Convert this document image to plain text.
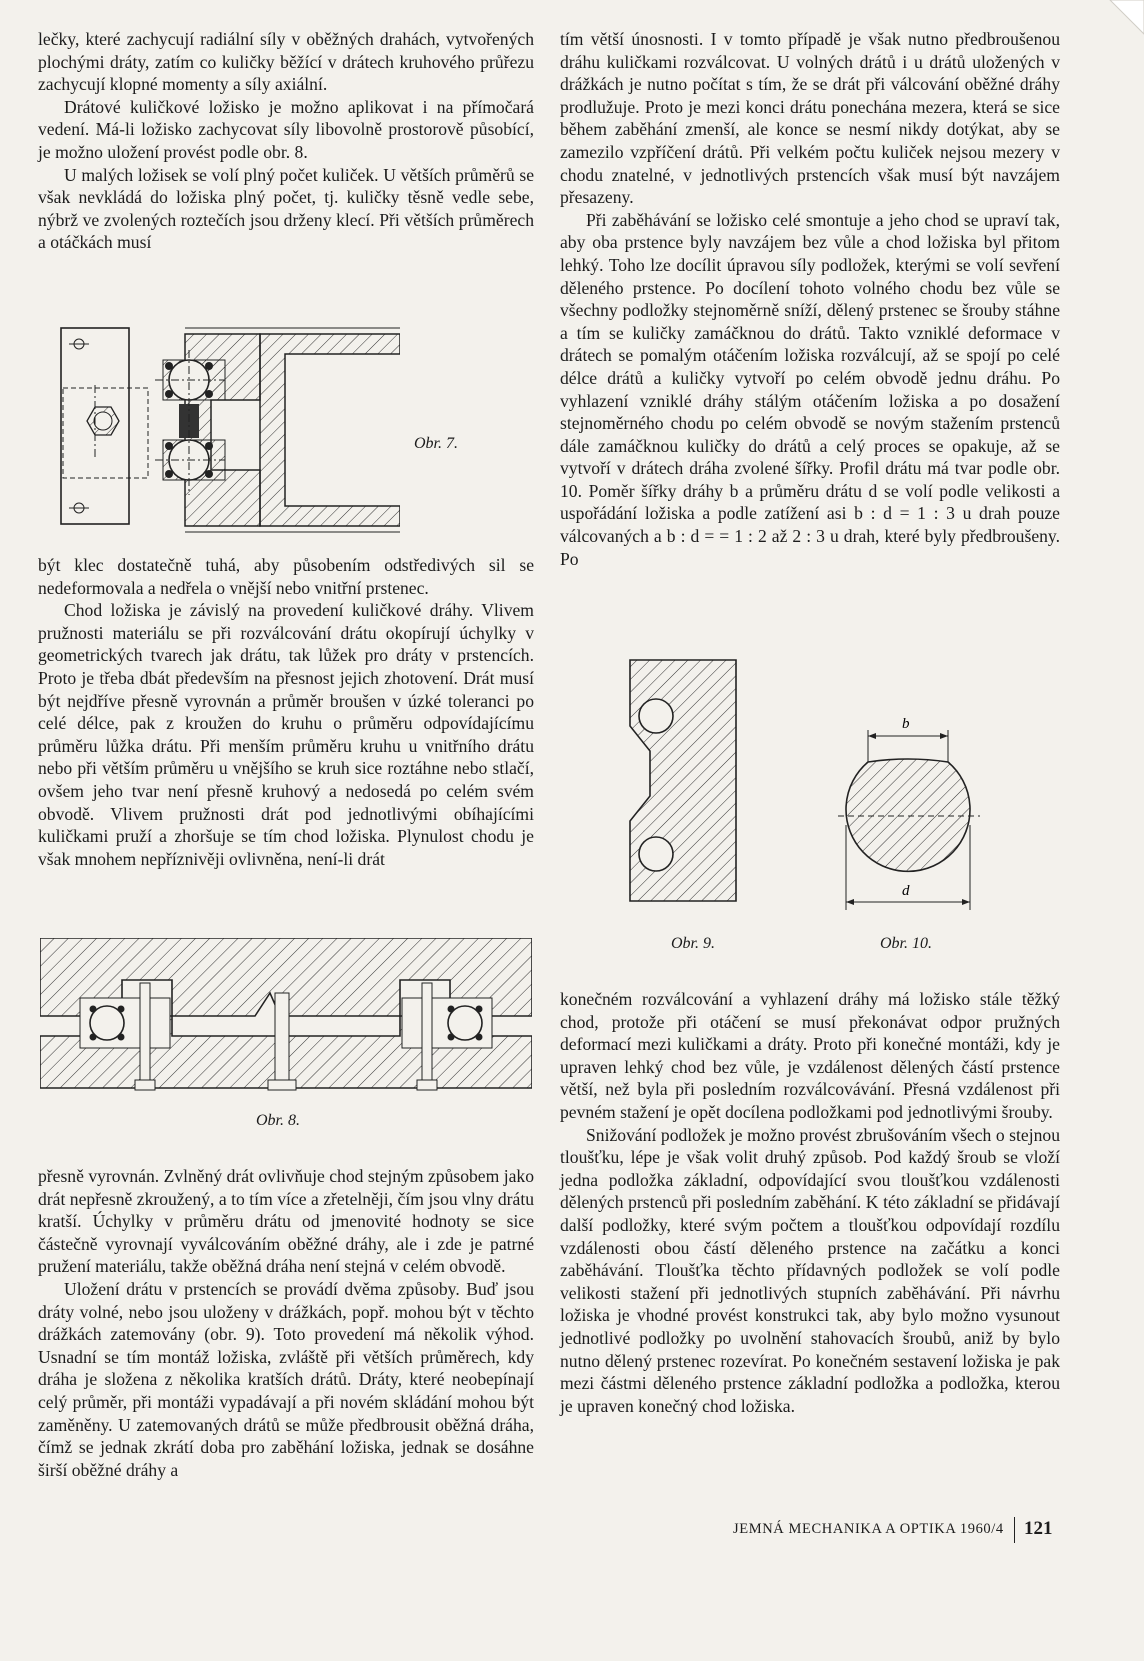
lečky, které zachycují radiální síly v oběžných drahách, vytvořených plochými dráty, zatím co kuličky běžící v drátech kruhového průřezu zachycují klopné momenty a síly axiální.

Drátové kuličkové ložisko je možno aplikovat i na přímočará vedení. Má-li ložisko zachycovat síly libovolně prostorově působící, je možno uložení provést podle obr. 8.

U malých ložisek se volí plný počet kuliček. U větších průměrů se však nevkládá do ložiska plný počet, tj. kuličky těsně vedle sebe, nýbrž ve zvolených roztečích jsou drženy klecí. Při větších průměrech a otáčkách musí

Obr. 7.

být klec dostatečně tuhá, aby působením odstředivých sil se nedeformovala a nedřela o vnější nebo vnitřní prstenec.

Chod ložiska je závislý na provedení kuličkové dráhy. Vlivem pružnosti materiálu se při rozválcování drátu okopírují úchylky v geometrických tvarech jak drátu, tak lůžek pro dráty v prstencích. Proto je třeba dbát především na přesnost jejich zhotovení. Drát musí být nejdříve přesně vyrovnán a průměr broušen v úzké toleranci po celé délce, pak z kroužen do kruhu o průměru odpovídajícímu průměru lůžka drátu. Při menším průměru kruhu u vnitřního drátu nebo při větším průměru u vnějšího se kruh sice roztáhne nebo stlačí, ovšem jeho tvar není přesně kruhový a nedosedá po celém svém obvodě. Vlivem pružnosti drát pod jednotlivými obíhajícími kuličkami pruží a zhoršuje se tím chod ložiska. Plynulost chodu je však mnohem nepříznivěji ovlivněna, není-li drát

Obr. 8.

přesně vyrovnán. Zvlněný drát ovlivňuje chod stejným způsobem jako drát nepřesně zkroužený, a to tím více a zřetelněji, čím jsou vlny drátu kratší. Úchylky v průměru drátu od jmenovité hodnoty se sice částečně vyrovnají vyválcováním oběžné dráhy, ale i zde je patrné pružení materiálu, takže oběžná dráha není stejná v celém obvodě.

Uložení drátu v prstencích se provádí dvěma způsoby. Buď jsou dráty volné, nebo jsou uloženy v drážkách, popř. mohou být v těchto drážkách zatemovány (obr. 9). Toto provedení má několik výhod. Usnadní se tím montáž ložiska, zvláště při větších průměrech, kdy dráha je složena z několika kratších drátů. Dráty, které neobepínají celý průměr, při montáži vypadávají a při novém skládání mohou být zaměněny. U zatemovaných drátů se může předbrousit oběžná dráha, čímž se jednak zkrátí doba pro zaběhání ložiska, jednak se dosáhne širší oběžné dráhy a

tím větší únosnosti. I v tomto případě je však nutno předbroušenou dráhu kuličkami rozválcovat. U volných drátů i u drátů uložených v drážkách je nutno počítat s tím, že se drát při válcování oběžné dráhy prodlužuje. Proto je mezi konci drátu ponechána mezera, která se sice během zaběhání zmenší, ale konce se nesmí nikdy dotýkat, aby se zamezilo vzpříčení drátů. Při velkém počtu kuliček nejsou mezery v chodu znatelné, v jednotlivých prstencích však musí být navzájem přesazeny.

Při zaběhávání se ložisko celé smontuje a jeho chod se upraví tak, aby oba prstence byly navzájem bez vůle a chod ložiska byl přitom lehký. Toho lze docílit úpravou síly podložek, kterými se volí sevření děleného prstence. Po docílení tohoto volného chodu bez vůle se všechny podložky stejnoměrně sníží, dělený prstenec se šrouby stáhne a tím se kuličky zamáčknou do drátů. Takto vzniklé deformace v drátech se pomalým otáčením ložiska rozválcují, až se spojí po celé délce drátů a kuličky vytvoří po celém obvodě jednu dráhu. Po vyhlazení vzniklé dráhy stálým otáčením ložiska a po dosažení stejnoměrného chodu po celém obvodě se novým stažením prstenců dále zamáčknou kuličky do drátů a celý proces se opakuje, až se vytvoří v drátech dráha zvolené šířky. Profil drátu má tvar podle obr. 10. Poměr šířky dráhy b a průměru drátu d se volí podle velikosti a uspořádání ložiska a podle zatížení asi b : d = 1 : 3 u drah pouze válcovaných a b : d = = 1 : 2 až 2 : 3 u drah, které byly předbroušeny. Po

Obr. 9.
b
d
Obr. 10.

konečném rozválcování a vyhlazení dráhy má ložisko stále těžký chod, protože při otáčení se musí překonávat odpor pružných deformací mezi kuličkami a dráty. Proto při konečné montáži, kdy je upraven lehký chod bez vůle, je vzdálenost dělených částí prstence větší, než byla při posledním rozválcovávání. Přesná vzdálenost při pevném stažení je opět docílena podložkami pod jednotlivými šrouby.

Snižování podložek je možno provést zbrušováním všech o stejnou tloušťku, lépe je však volit druhý způsob. Pod každý šroub se vloží jedna podložka základní, odpovídající svou tloušťkou vzdálenosti dělených prstenců při posledním zaběhání. K této základní se přidávají další podložky, které svým počtem a tloušťkou odpovídají rozdílu vzdálenosti obou částí děleného prstence na začátku a konci zaběhávání. Tloušťka těchto přídavných podložek se volí podle velikosti stažení při jednotlivých stupních zaběhávání. Při návrhu ložiska je vhodné provést konstrukci tak, aby bylo možno vysunout jednotlivé podložky po uvolnění stahovacích šroubů, aniž by bylo nutno dělený prstenec rozevírat. Po konečném sestavení ložiska je pak mezi částmi děleného prstence základní podložka a podložka, kterou je upraven konečný chod ložiska.

JEMNÁ MECHANIKA A OPTIKA 1960/4 121
